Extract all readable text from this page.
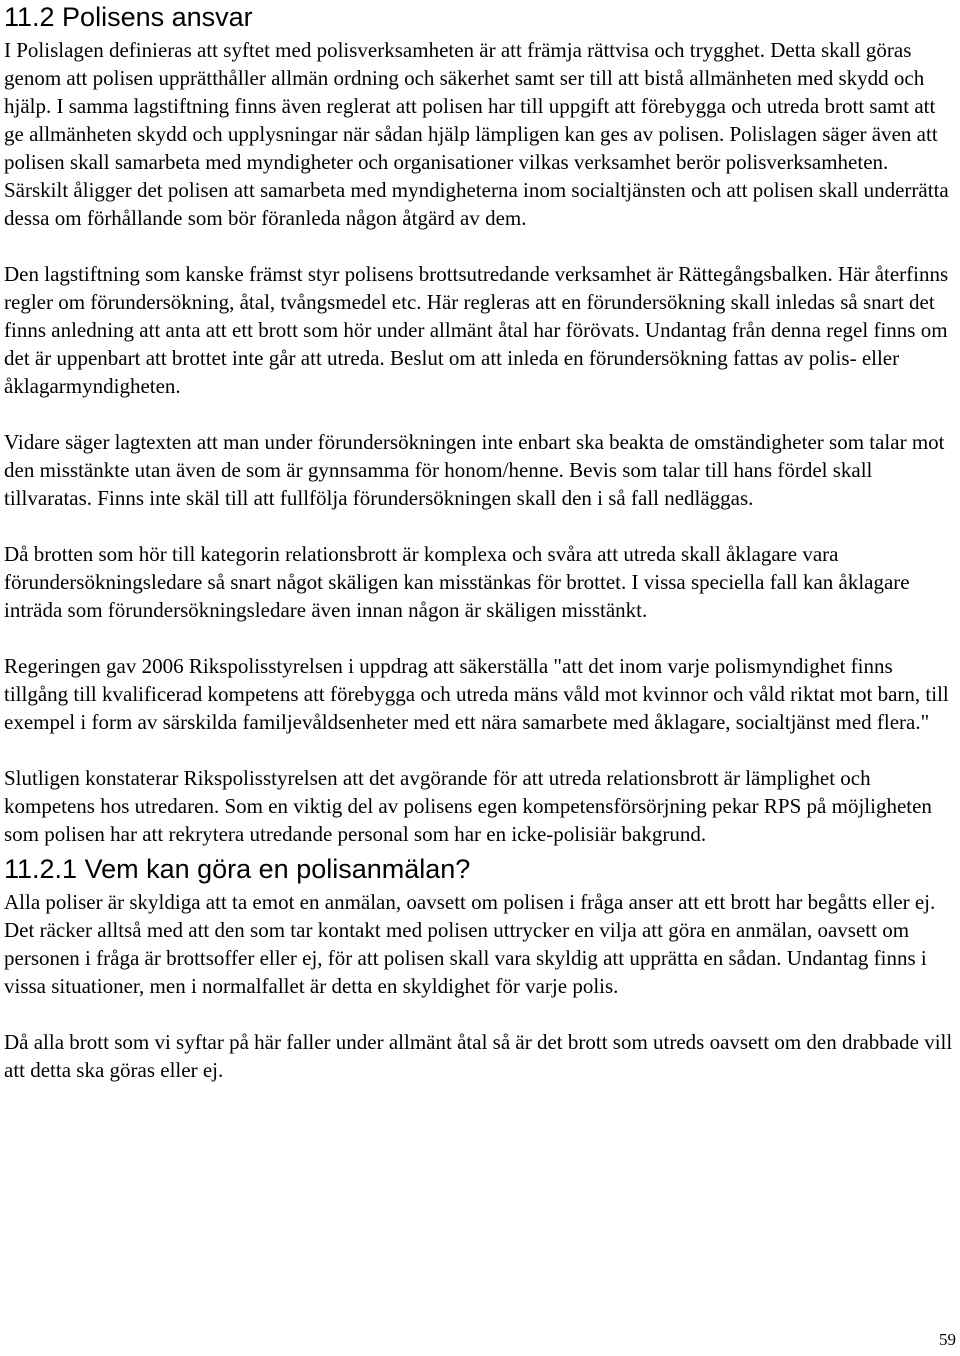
11.2 Polisens ansvar

I Polislagen definieras att syftet med polisverksamheten är att främja rättvisa och trygghet. Detta skall göras genom att polisen upprätthåller allmän ordning och säkerhet samt ser till att bistå allmänheten med skydd och hjälp. I samma lagstiftning finns även reglerat att polisen har till uppgift att förebygga och utreda brott samt att ge allmänheten skydd och upplysningar när sådan hjälp lämpligen kan ges av polisen. Polislagen säger även att polisen skall samarbeta med myndigheter och organisationer vilkas verksamhet berör polisverksamheten. Särskilt åligger det polisen att samarbeta med myndigheterna inom socialtjänsten och att polisen skall underrätta dessa om förhållande som bör föranleda någon åtgärd av dem.

Den lagstiftning som kanske främst styr polisens brottsutredande verksamhet är Rättegångsbalken. Här återfinns regler om förundersökning, åtal, tvångsmedel etc. Här regleras att en förundersökning skall inledas så snart det finns anledning att anta att ett brott som hör under allmänt åtal har förövats. Undantag från denna regel finns om det är uppenbart att brottet inte går att utreda. Beslut om att inleda en förundersökning fattas av polis- eller åklagarmyndigheten.

Vidare säger lagtexten att man under förundersökningen inte enbart ska beakta de omständigheter som talar mot den misstänkte utan även de som är gynnsamma för honom/henne. Bevis som talar till hans fördel skall tillvaratas. Finns inte skäl till att fullfölja förundersökningen skall den i så fall nedläggas.

Då brotten som hör till kategorin relationsbrott är komplexa och svåra att utreda skall åklagare vara förundersökningsledare så snart något skäligen kan misstänkas för brottet. I vissa speciella fall kan åklagare inträda som förundersökningsledare även innan någon är skäligen misstänkt.

Regeringen gav 2006 Rikspolisstyrelsen i uppdrag att säkerställa "att det inom varje polismyndighet finns tillgång till kvalificerad kompetens att förebygga och utreda mäns våld mot kvinnor och våld riktat mot barn, till exempel i form av särskilda familjevåldsenheter med ett nära samarbete med åklagare, socialtjänst med flera."

Slutligen konstaterar Rikspolisstyrelsen att det avgörande för att utreda relationsbrott är lämplighet och kompetens hos utredaren. Som en viktig del av polisens egen kompetensförsörjning pekar RPS på möjligheten som polisen har att rekrytera utredande personal som har en icke-polisiär bakgrund.

11.2.1 Vem kan göra en polisanmälan?

Alla poliser är skyldiga att ta emot en anmälan, oavsett om polisen i fråga anser att ett brott har begåtts eller ej. Det räcker alltså med att den som tar kontakt med polisen uttrycker en vilja att göra en anmälan, oavsett om personen i fråga är brottsoffer eller ej, för att polisen skall vara skyldig att upprätta en sådan. Undantag finns i vissa situationer, men i normalfallet är detta en skyldighet för varje polis.

Då alla brott som vi syftar på här faller under allmänt åtal så är det brott som utreds oavsett om den drabbade vill att detta ska göras eller ej.

59
